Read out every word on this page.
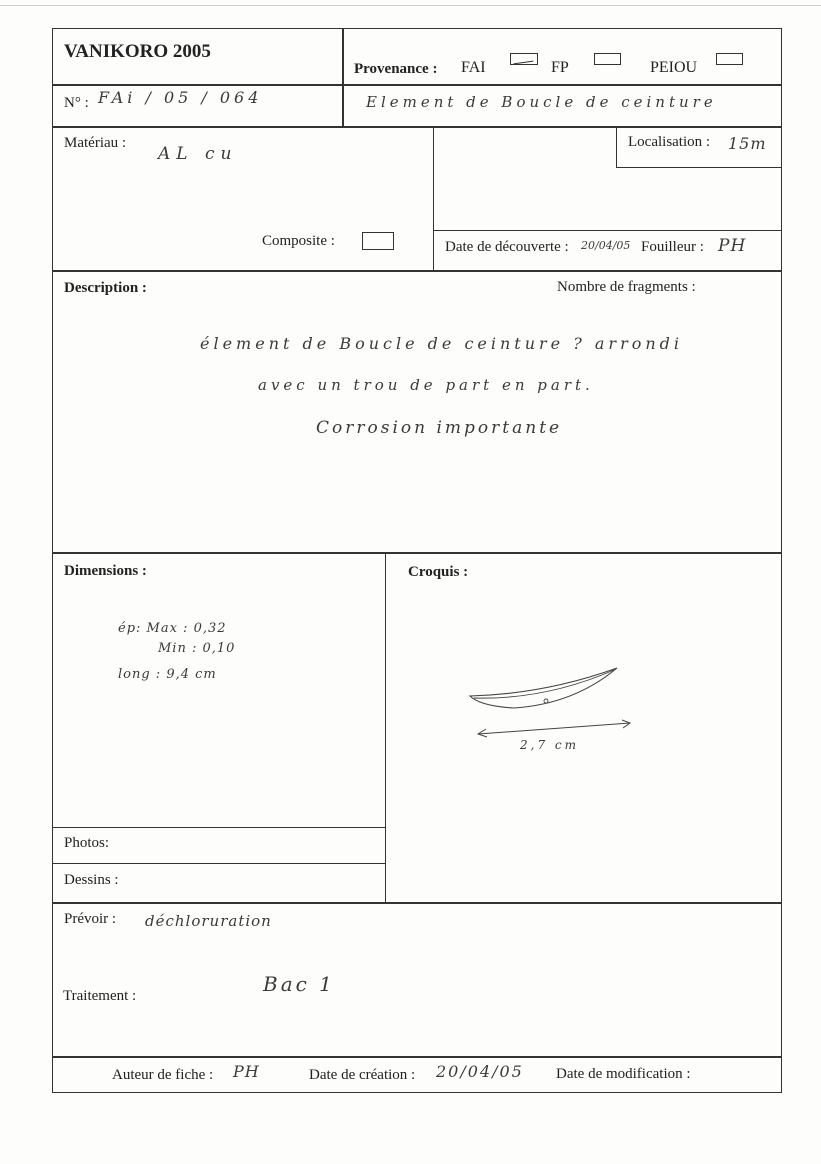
VANIKORO 2005
Provenance : FAI	FP	PEIOU
N° : FAi / 05 / 064	Element de Boucle de ceinture
Matériau :
AL cu
Composite :
Localisation : 15m
Date de découverte : 20/04/05 Fouilleur : PH
Description :	Nombre de fragments :
élement de Boucle de ceinture ? arrondi
avec un trou de part en part.
Corrosion importante
Dimensions :
ép: Max : 0,32
Min : 0,10
long : 9,4 cm
Croquis :
2,7 cm
Photos:
Dessins :
Prévoir : déchloruration
Traitement :	Bac 1
Auteur de fiche : PH	Date de création : 20/04/05 Date de modification :
